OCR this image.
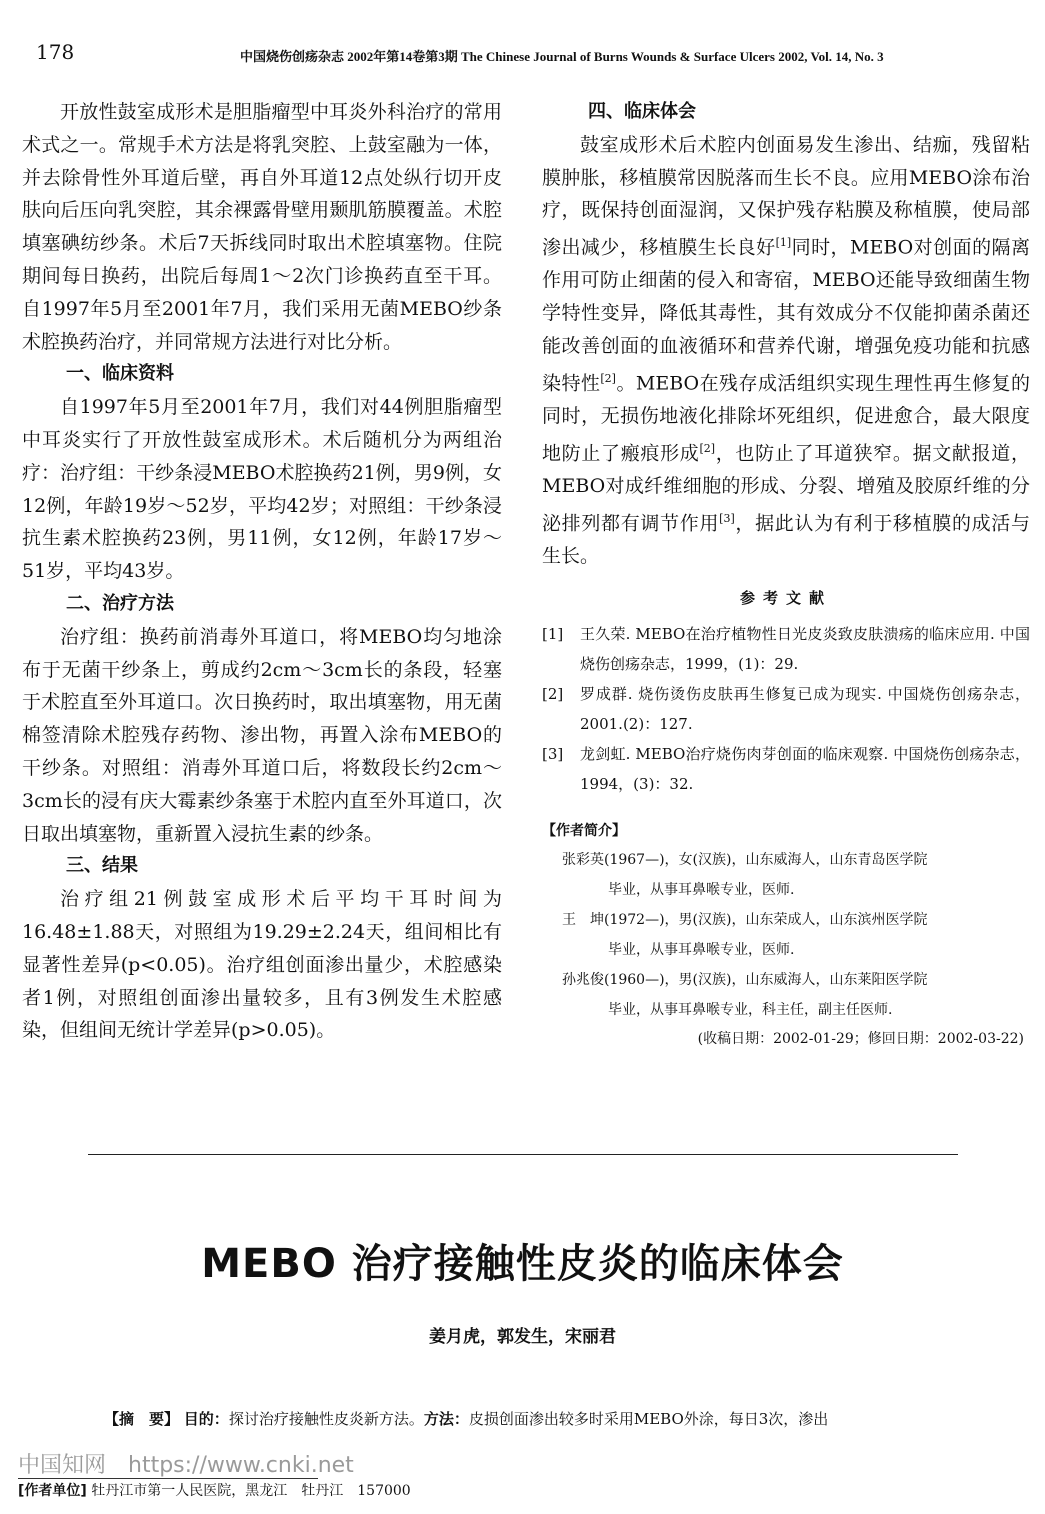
178	中国烧伤创疡杂志 2002年第14卷第3期 The Chinese Journal of Burns Wounds & Surface Ulcers 2002, Vol. 14, No. 3

开放性鼓室成形术是胆脂瘤型中耳炎外科治疗的常用术式之一。常规手术方法是将乳突腔、上鼓室融为一体，并去除骨性外耳道后壁，再自外耳道12点处纵行切开皮肤向后压向乳突腔，其余裸露骨壁用颞肌筋膜覆盖。术腔填塞碘纺纱条。术后7天拆线同时取出术腔填塞物。住院期间每日换药，出院后每周1～2次门诊换药直至干耳。自1997年5月至2001年7月，我们采用无菌MEBO纱条术腔换药治疗，并同常规方法进行对比分析。

一、临床资料

自1997年5月至2001年7月，我们对44例胆脂瘤型中耳炎实行了开放性鼓室成形术。术后随机分为两组治疗：治疗组：干纱条浸MEBO术腔换药21例，男9例，女12例，年龄19岁～52岁，平均42岁；对照组：干纱条浸抗生素术腔换药23例，男11例，女12例，年龄17岁～51岁，平均43岁。

二、治疗方法

治疗组：换药前消毒外耳道口，将MEBO均匀地涂布于无菌干纱条上，剪成约2cm～3cm长的条段，轻塞于术腔直至外耳道口。次日换药时，取出填塞物，用无菌棉签清除术腔残存药物、渗出物，再置入涂布MEBO的干纱条。对照组：消毒外耳道口后，将数段长约2cm～3cm长的浸有庆大霉素纱条塞于术腔内直至外耳道口，次日取出填塞物，重新置入浸抗生素的纱条。

三、结果

治疗组21例鼓室成形术后平均干耳时间为16.48±1.88天，对照组为19.29±2.24天，组间相比有显著性差异(p<0.05)。治疗组创面渗出量少，术腔感染者1例，对照组创面渗出量较多，且有3例发生术腔感染，但组间无统计学差异(p>0.05)。

四、临床体会

鼓室成形术后术腔内创面易发生渗出、结痂，残留粘膜肿胀，移植膜常因脱落而生长不良。应用MEBO涂布治疗，既保持创面湿润，又保护残存粘膜及称植膜，使局部渗出减少，移植膜生长良好[1]同时，MEBO对创面的隔离作用可防止细菌的侵入和寄宿，MEBO还能导致细菌生物学特性变异，降低其毒性，其有效成分不仅能抑菌杀菌还能改善创面的血液循环和营养代谢，增强免疫功能和抗感染特性[2]。MEBO在残存成活组织实现生理性再生修复的同时，无损伤地液化排除坏死组织，促进愈合，最大限度地防止了瘢痕形成[2]，也防止了耳道狭窄。据文献报道，MEBO对成纤维细胞的形成、分裂、增殖及胶原纤维的分泌排列都有调节作用[3]，据此认为有利于移植膜的成活与生长。

参考文献
[1]	王久荣. MEBO在治疗植物性日光皮炎致皮肤溃疡的临床应用. 中国烧伤创疡杂志，1999，(1)：29.
[2]	罗成群. 烧伤烫伤皮肤再生修复已成为现实. 中国烧伤创疡杂志，2001.(2)：127.
[3]	龙剑虹. MEBO治疗烧伤肉芽创面的临床观察. 中国烧伤创疡杂志，1994，(3)：32.
【作者简介】
张彩英(1967—)，女(汉族)，山东威海人，山东青岛医学院
毕业，从事耳鼻喉专业，医师.
王　坤(1972—)，男(汉族)，山东荣成人，山东滨州医学院
毕业，从事耳鼻喉专业，医师.
孙兆俊(1960—)，男(汉族)，山东威海人，山东莱阳医学院
毕业，从事耳鼻喉专业，科主任，副主任医师.
(收稿日期：2002-01-29；修回日期：2002-03-22)
MEBO 治疗接触性皮炎的临床体会
姜月虎，郭发生，宋丽君
【摘　要】 目的：探讨治疗接触性皮炎新方法。方法：皮损创面渗出较多时采用MEBO外涂，每日3次，渗出
中国知网　https://www.cnki.net
[作者单位] 牡丹江市第一人民医院，黑龙江　牡丹江　157000
